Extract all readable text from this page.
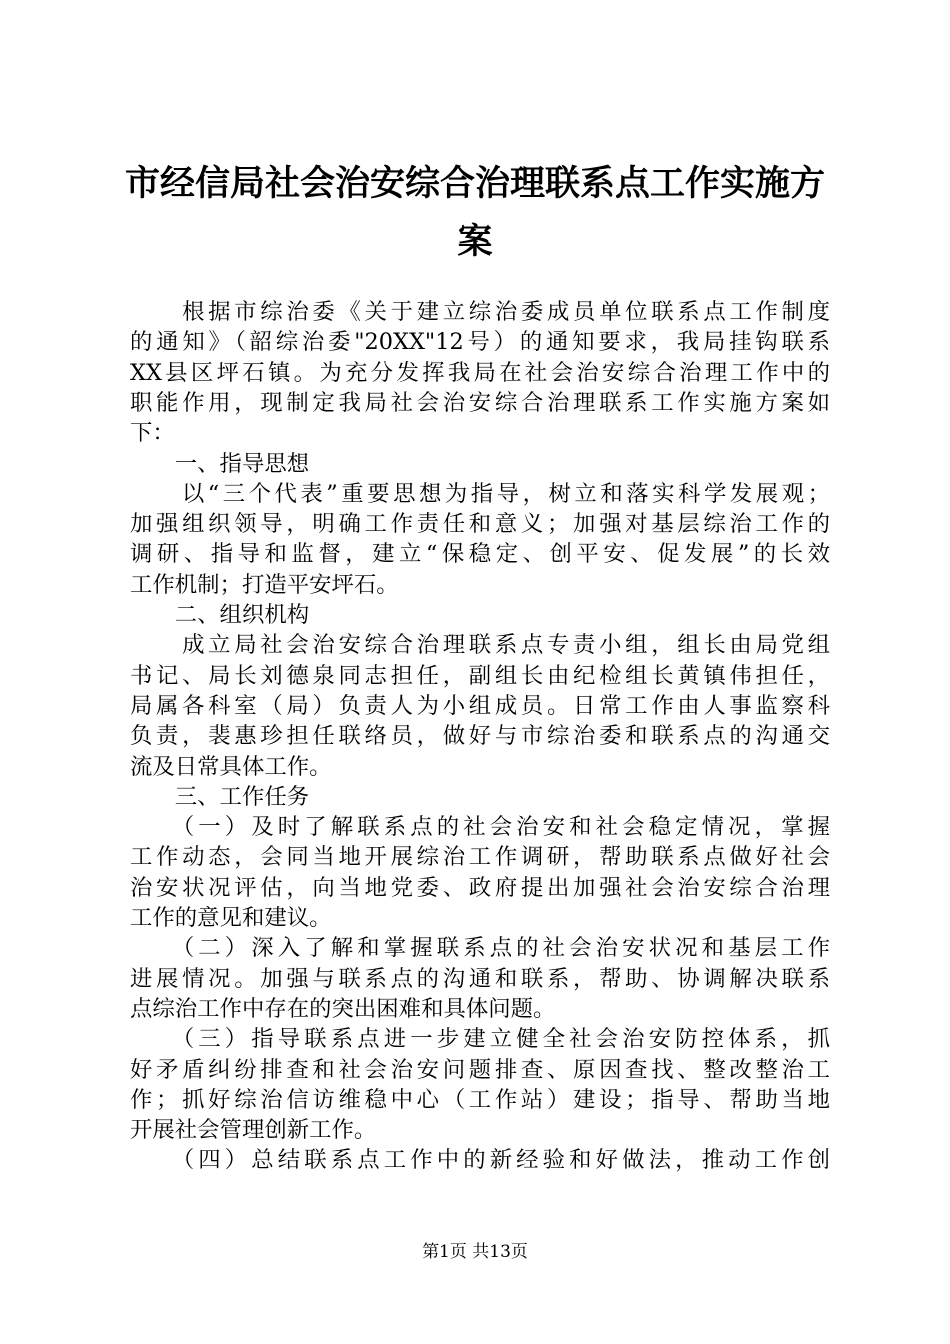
市经信局社会治安综合治理联系点工作实施方
案
　　根据市综治委《关于建立综治委成员单位联系点工作制度
的通知》（韶综治委"20XX"12号）的通知要求，我局挂钩联系
XX县区坪石镇。为充分发挥我局在社会治安综合治理工作中的
职能作用，现制定我局社会治安综合治理联系工作实施方案如
下：
　　一、指导思想
　　以“三个代表”重要思想为指导，树立和落实科学发展观；
加强组织领导，明确工作责任和意义；加强对基层综治工作的
调研、指导和监督，建立“保稳定、创平安、促发展”的长效
工作机制；打造平安坪石。
　　二、组织机构
　　成立局社会治安综合治理联系点专责小组，组长由局党组
书记、局长刘德泉同志担任，副组长由纪检组长黄镇伟担任，
局属各科室（局）负责人为小组成员。日常工作由人事监察科
负责，裴惠珍担任联络员，做好与市综治委和联系点的沟通交
流及日常具体工作。
　　三、工作任务
　　（一）及时了解联系点的社会治安和社会稳定情况，掌握
工作动态，会同当地开展综治工作调研，帮助联系点做好社会
治安状况评估，向当地党委、政府提出加强社会治安综合治理
工作的意见和建议。
　　（二）深入了解和掌握联系点的社会治安状况和基层工作
进展情况。加强与联系点的沟通和联系，帮助、协调解决联系
点综治工作中存在的突出困难和具体问题。
　　（三）指导联系点进一步建立健全社会治安防控体系，抓
好矛盾纠纷排查和社会治安问题排查、原因查找、整改整治工
作；抓好综治信访维稳中心（工作站）建设；指导、帮助当地
开展社会管理创新工作。
　　（四）总结联系点工作中的新经验和好做法，推动工作创
第1页 共13页
